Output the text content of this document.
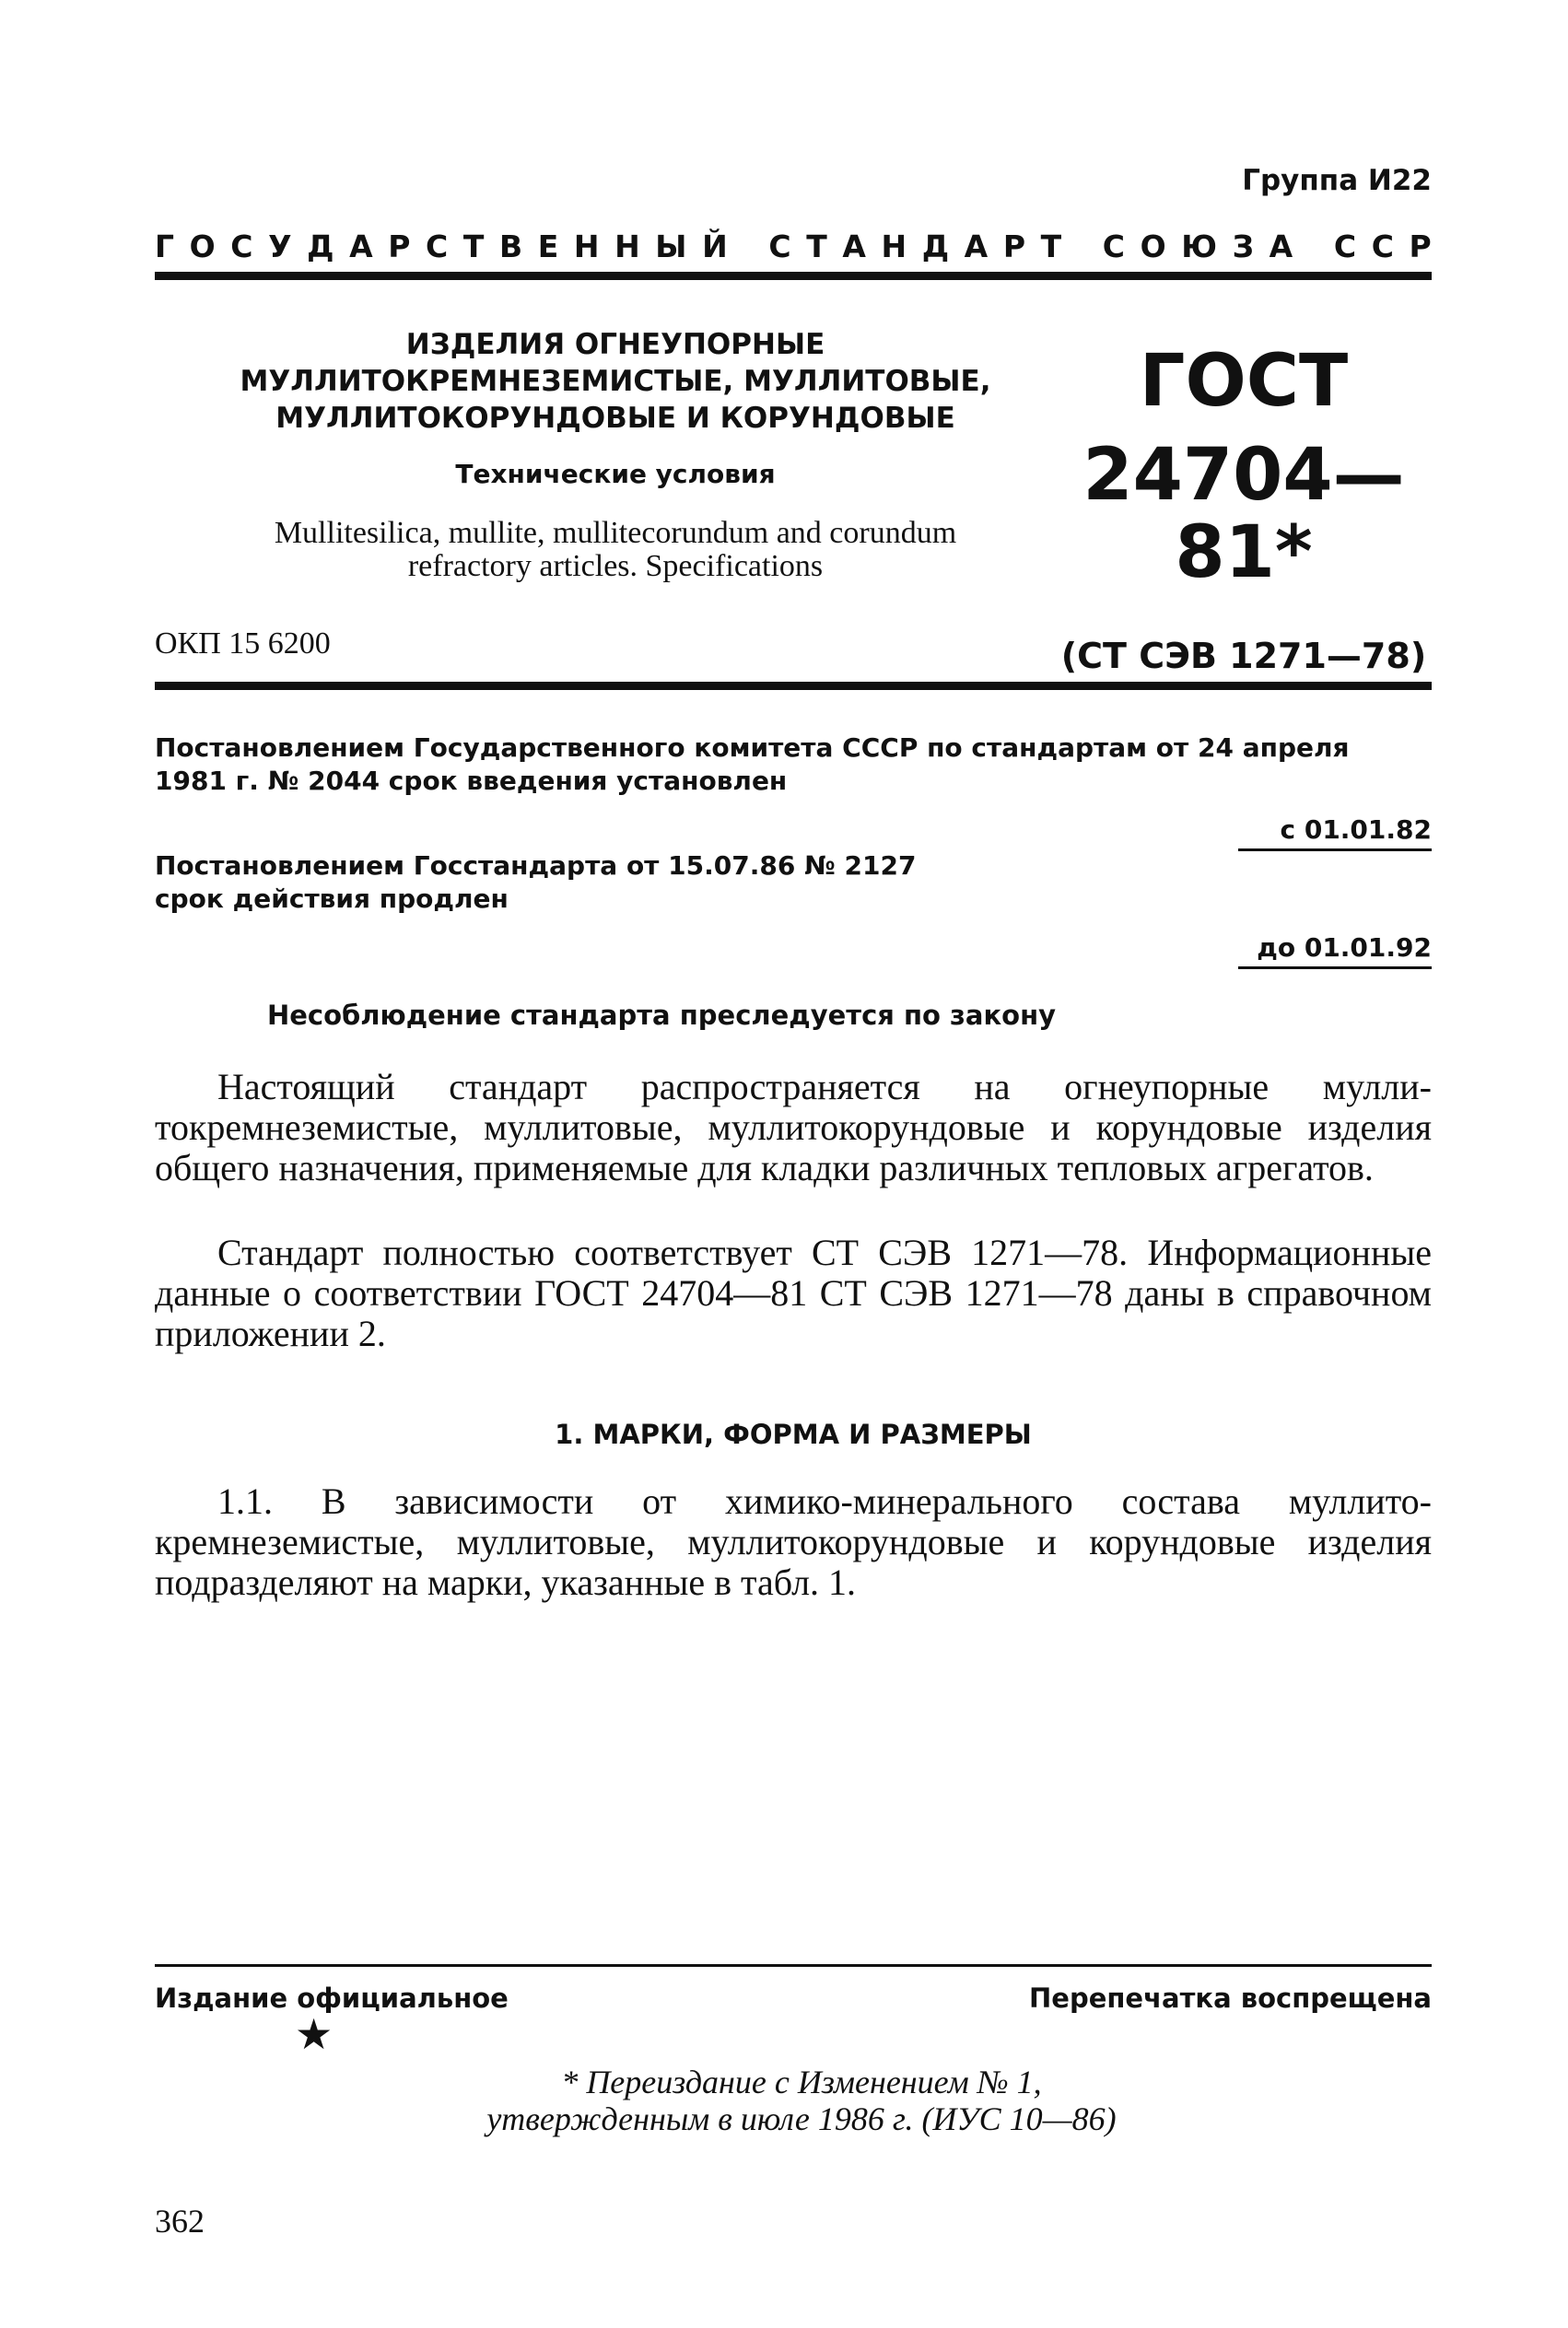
Группа И22
Г О С У Д А Р С Т В Е Н Н Ы Й
С Т А Н Д А Р Т
С О Ю З А
С С Р
ИЗДЕЛИЯ ОГНЕУПОРНЫЕ
МУЛЛИТОКРЕМНЕЗЕМИСТЫЕ, МУЛЛИТОВЫЕ,
МУЛЛИТОКОРУНДОВЫЕ И КОРУНДОВЫЕ
Технические условия
Mullitesilica, mullite, mullitecorundum and corundum
refractory articles. Specifications
ГОСТ
24704—81*
(СТ СЭВ 1271—78)
ОКП 15 6200
Постановлением Государственного комитета СССР по стандартам от 24 апреля
1981 г. № 2044 срок введения установлен
с 01.01.82
Постановлением Госстандарта от 15.07.86 № 2127
срок действия продлен
до 01.01.92
Несоблюдение стандарта преследуется по закону

Настоящий стандарт распространяется на огнеупорные муллитокремнеземистые, муллитовые, муллитокорундовые и корундовые изделия общего назначения, применяемые для кладки различных тепловых агрегатов.

Стандарт полностью соответствует СТ СЭВ 1271—78. Информационные данные о соответствии ГОСТ 24704—81 СТ СЭВ 1271—78 даны в справочном приложении 2.

1. МАРКИ, ФОРМА И РАЗМЕРЫ

1.1. В зависимости от химико-минерального состава муллитокремнеземистые, муллитовые, муллитокорундовые и корундовые изделия подразделяют на марки, указанные в табл. 1.

Издание официальное	Перепечатка воспрещена
★
* Переиздание с Изменением № 1,
утвержденным в июле 1986 г. (ИУС 10—86)
362
